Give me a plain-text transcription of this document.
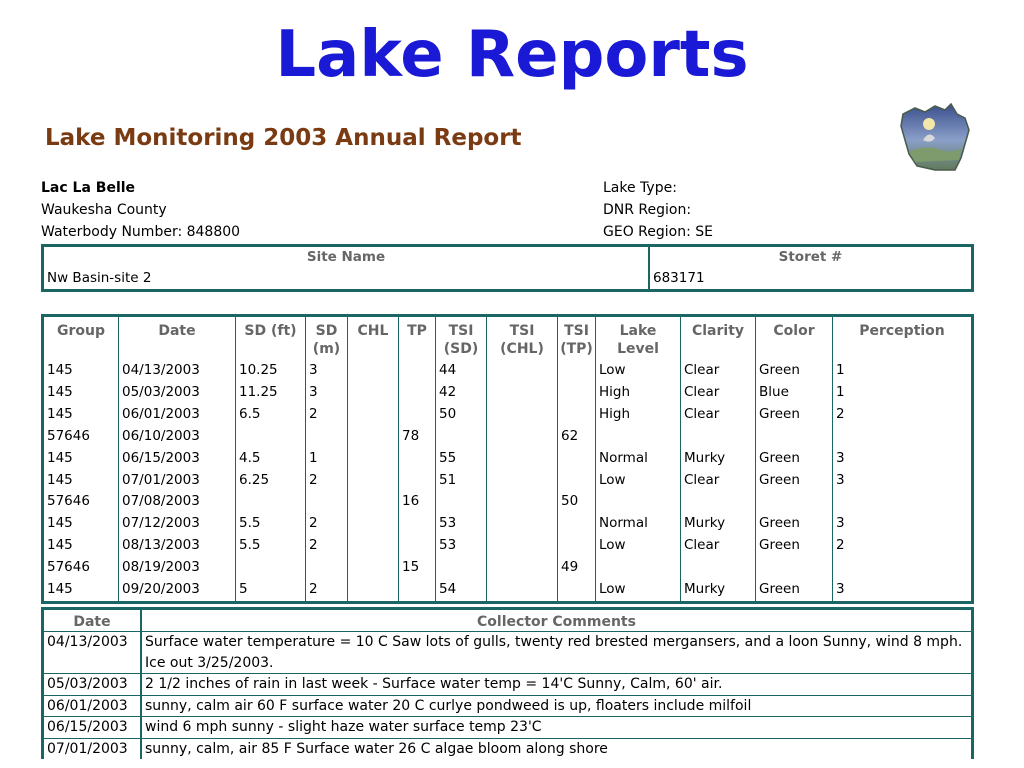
Lake Reports
Lake Monitoring 2003 Annual Report
Lac La Belle
Waukesha County
Waterbody Number: 848800
Lake Type:
DNR Region:
GEO Region: SE
Site Name	Storet #
Nw Basin-site 2	683171
Group	Date	SD (ft)	SD (m)	CHL	TP	TSI (SD)	TSI (CHL)	TSI (TP)	Lake Level	Clarity	Color	Perception
145	04/13/2003	10.25	3			44			Low	Clear	Green	1
145	05/03/2003	11.25	3			42			High	Clear	Blue	1
145	06/01/2003	6.5	2			50			High	Clear	Green	2
57646	06/10/2003				78			62				
145	06/15/2003	4.5	1			55			Normal	Murky	Green	3
145	07/01/2003	6.25	2			51			Low	Clear	Green	3
57646	07/08/2003				16			50				
145	07/12/2003	5.5	2			53			Normal	Murky	Green	3
145	08/13/2003	5.5	2			53			Low	Clear	Green	2
57646	08/19/2003				15			49				
145	09/20/2003	5	2			54			Low	Murky	Green	3
Date	Collector Comments
04/13/2003	Surface water temperature = 10 C Saw lots of gulls, twenty red brested mergansers, and a loon Sunny, wind 8 mph. Ice out 3/25/2003.
05/03/2003	2 1/2 inches of rain in last week - Surface water temp = 14'C Sunny, Calm, 60' air.
06/01/2003	sunny, calm air 60 F surface water 20 C curlye pondweed is up, floaters include milfoil
06/15/2003	wind 6 mph sunny - slight haze water surface temp 23'C
07/01/2003	sunny, calm, air 85 F Surface water 26 C algae bloom along shore
